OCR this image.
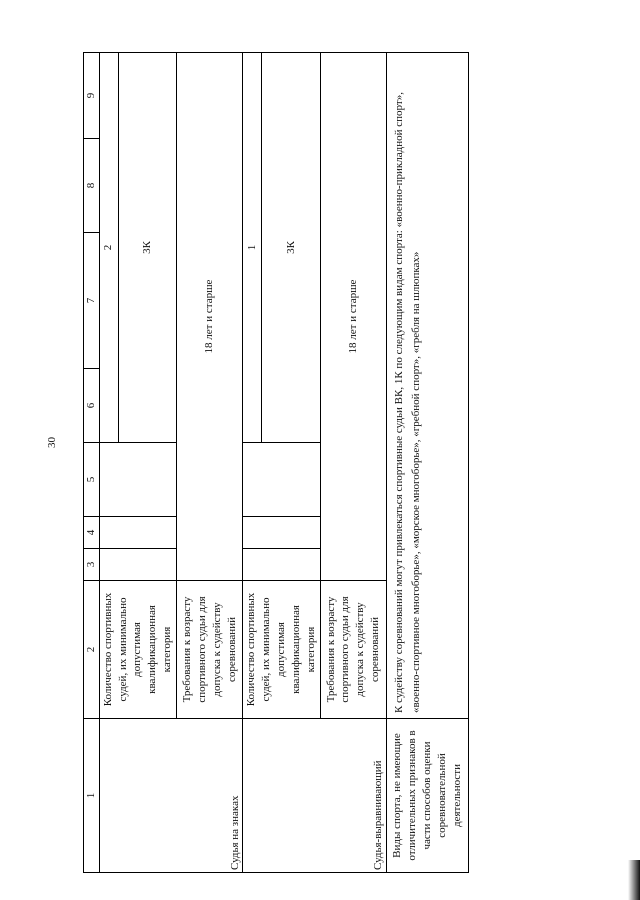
30
1	2	3	4	5	6	7	8	9
Судья на знаках	Количество спортивных судей, их минимально допустимая квалификационная категория				2			
					3К			
	Требования к возрасту спортивного судьи для допуска к судейству соревнований	18 лет и старше						
Судья-выравнивающий	Количество спортивных судей, их минимально допустимая квалификационная категория				1			
					3К			
	Требования к возрасту спортивного судьи для допуска к судейству соревнований	18 лет и старше						
Виды спорта, не имеющие отличительных признаков в части способов оценки соревновательной деятельности	К судейству соревнований могут привлекаться спортивные судьи ВК, 1К по следующим видам спорта: «военно-прикладной спорт», «военно-спортивное многоборье», «морское многоборье», «гребной спорт», «гребля на шлюпках»							
